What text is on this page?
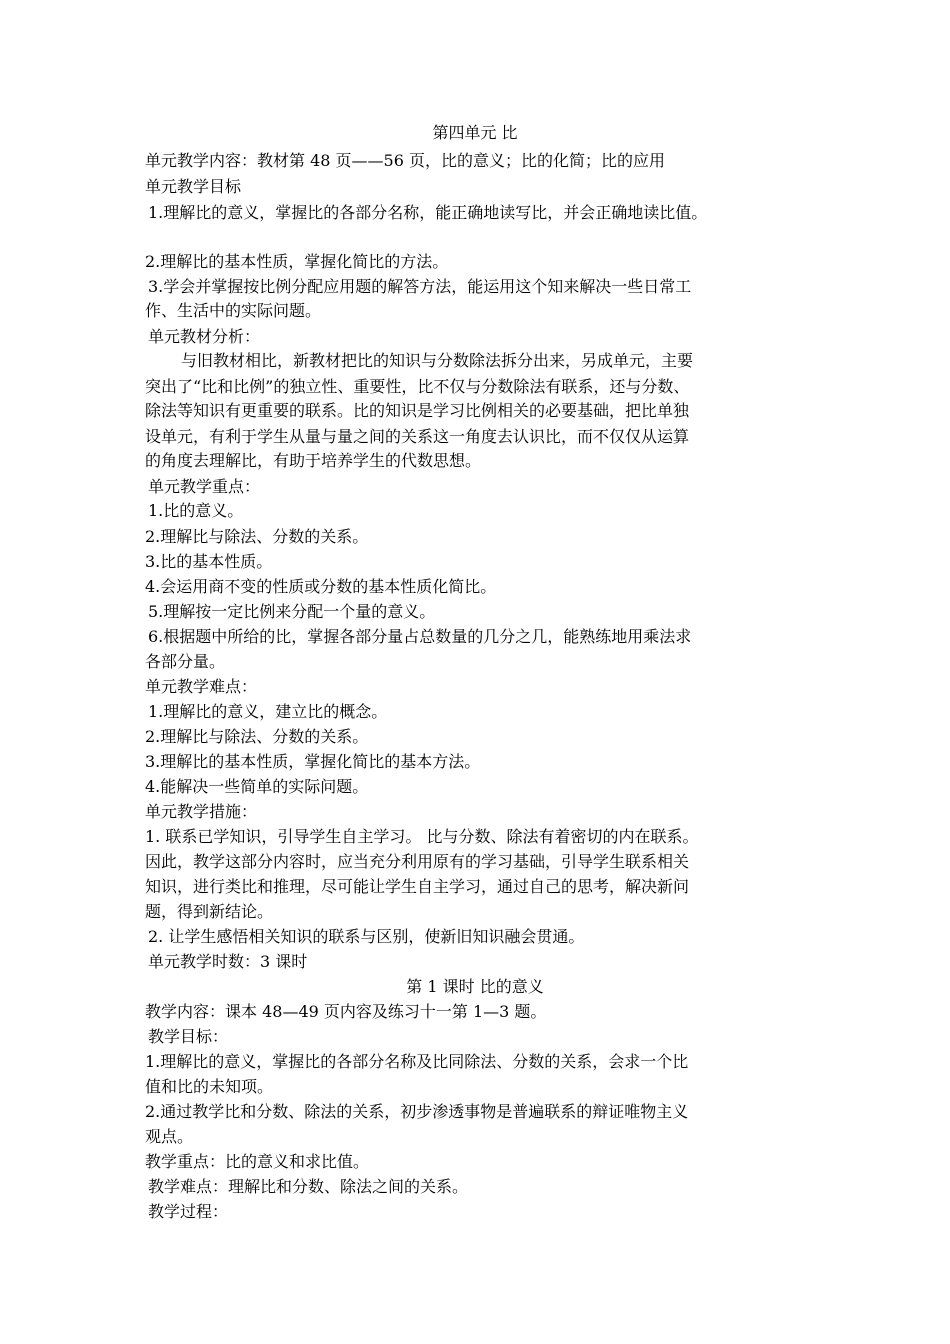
第四单元 比
单元教学内容：教材第 48 页——56 页，比的意义；比的化简；比的应用
单元教学目标
1.理解比的意义，掌握比的各部分名称，能正确地读写比，并会正确地读比值。
2.理解比的基本性质，掌握化简比的方法。
3.学会并掌握按比例分配应用题的解答方法，能运用这个知来解决一些日常工
作、生活中的实际问题。
单元教材分析：
与旧教材相比，新教材把比的知识与分数除法拆分出来，另成单元，主要
突出了“比和比例”的独立性、重要性，比不仅与分数除法有联系，还与分数、
除法等知识有更重要的联系。比的知识是学习比例相关的必要基础，把比单独
设单元，有利于学生从量与量之间的关系这一角度去认识比，而不仅仅从运算
的角度去理解比，有助于培养学生的代数思想。
单元教学重点：
1.比的意义。
2.理解比与除法、分数的关系。
3.比的基本性质。
4.会运用商不变的性质或分数的基本性质化简比。
5.理解按一定比例来分配一个量的意义。
6.根据题中所给的比，掌握各部分量占总数量的几分之几，能熟练地用乘法求
各部分量。
单元教学难点：
1.理解比的意义，建立比的概念。
2.理解比与除法、分数的关系。
3.理解比的基本性质，掌握化简比的基本方法。
4.能解决一些简单的实际问题。
单元教学措施：
1. 联系已学知识，引导学生自主学习。 比与分数、除法有着密切的内在联系。
因此，教学这部分内容时，应当充分利用原有的学习基础，引导学生联系相关
知识，进行类比和推理，尽可能让学生自主学习，通过自己的思考，解决新问
题，得到新结论。
2. 让学生感悟相关知识的联系与区别，使新旧知识融会贯通。
单元教学时数：3 课时
第 1 课时 比的意义
教学内容：课本 48—49 页内容及练习十一第 1—3 题。
教学目标：
1.理解比的意义，掌握比的各部分名称及比同除法、分数的关系，会求一个比
值和比的未知项。
2.通过教学比和分数、除法的关系，初步渗透事物是普遍联系的辩证唯物主义
观点。
教学重点：比的意义和求比值。
教学难点：理解比和分数、除法之间的关系。
教学过程：
